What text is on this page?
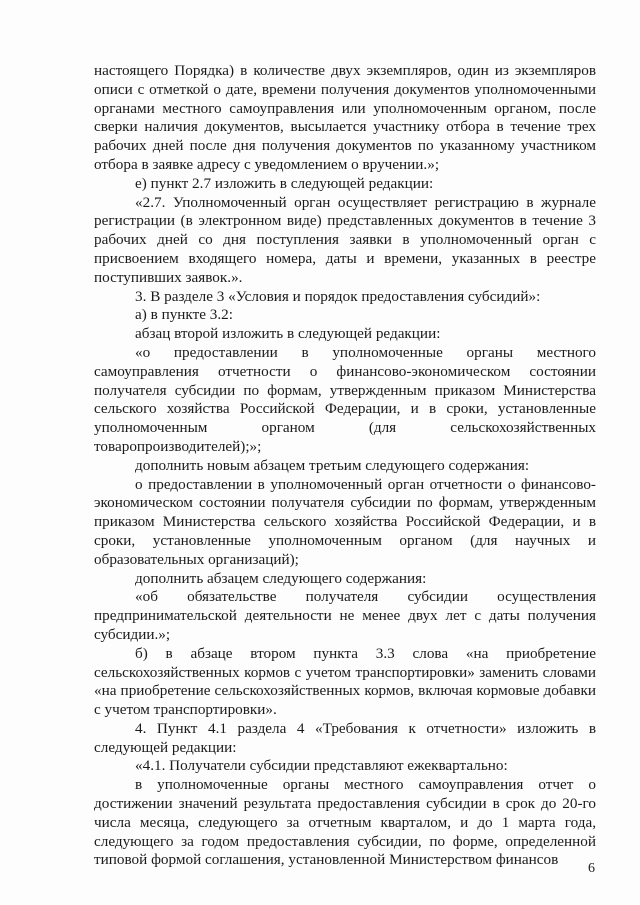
настоящего Порядка) в количестве двух экземпляров, один из экземпляров описи с отметкой о дате, времени получения документов уполномоченными органами местного самоуправления или уполномоченным органом, после сверки наличия документов, высылается участнику отбора в течение трех рабочих дней после дня получения документов по указанному участником отбора в заявке адресу с уведомлением о вручении.»;

е) пункт 2.7 изложить в следующей редакции:

«2.7. Уполномоченный орган осуществляет регистрацию в журнале регистрации (в электронном виде) представленных документов в течение 3 рабочих дней со дня поступления заявки в уполномоченный орган с присвоением входящего номера, даты и времени, указанных в реестре поступивших заявок.».

3. В разделе 3 «Условия и порядок предоставления субсидий»:

а) в пункте 3.2:

абзац второй изложить в следующей редакции:

«о предоставлении в уполномоченные органы местного самоуправления отчетности о финансово-экономическом состоянии получателя субсидии по формам, утвержденным приказом Министерства сельского хозяйства Российской Федерации, и в сроки, установленные уполномоченным органом (для сельскохозяйственных товаропроизводителей);»;

дополнить новым абзацем третьим следующего содержания:

о предоставлении в уполномоченный орган отчетности о финансово-экономическом состоянии получателя субсидии по формам, утвержденным приказом Министерства сельского хозяйства Российской Федерации, и в сроки, установленные уполномоченным органом (для научных и образовательных организаций);

дополнить абзацем следующего содержания:

«об обязательстве получателя субсидии осуществления предпринимательской деятельности не менее двух лет с даты получения субсидии.»;

б) в абзаце втором пункта 3.3 слова «на приобретение сельскохозяйственных кормов с учетом транспортировки» заменить словами «на приобретение сельскохозяйственных кормов, включая кормовые добавки с учетом транспортировки».

4. Пункт 4.1 раздела 4 «Требования к отчетности» изложить в следующей редакции:

«4.1. Получатели субсидии представляют ежеквартально:

в уполномоченные органы местного самоуправления отчет о достижении значений результата предоставления субсидии в срок до 20-го числа месяца, следующего за отчетным кварталом, и до 1 марта года, следующего за годом предоставления субсидии, по форме, определенной типовой формой соглашения, установленной Министерством финансов

6
